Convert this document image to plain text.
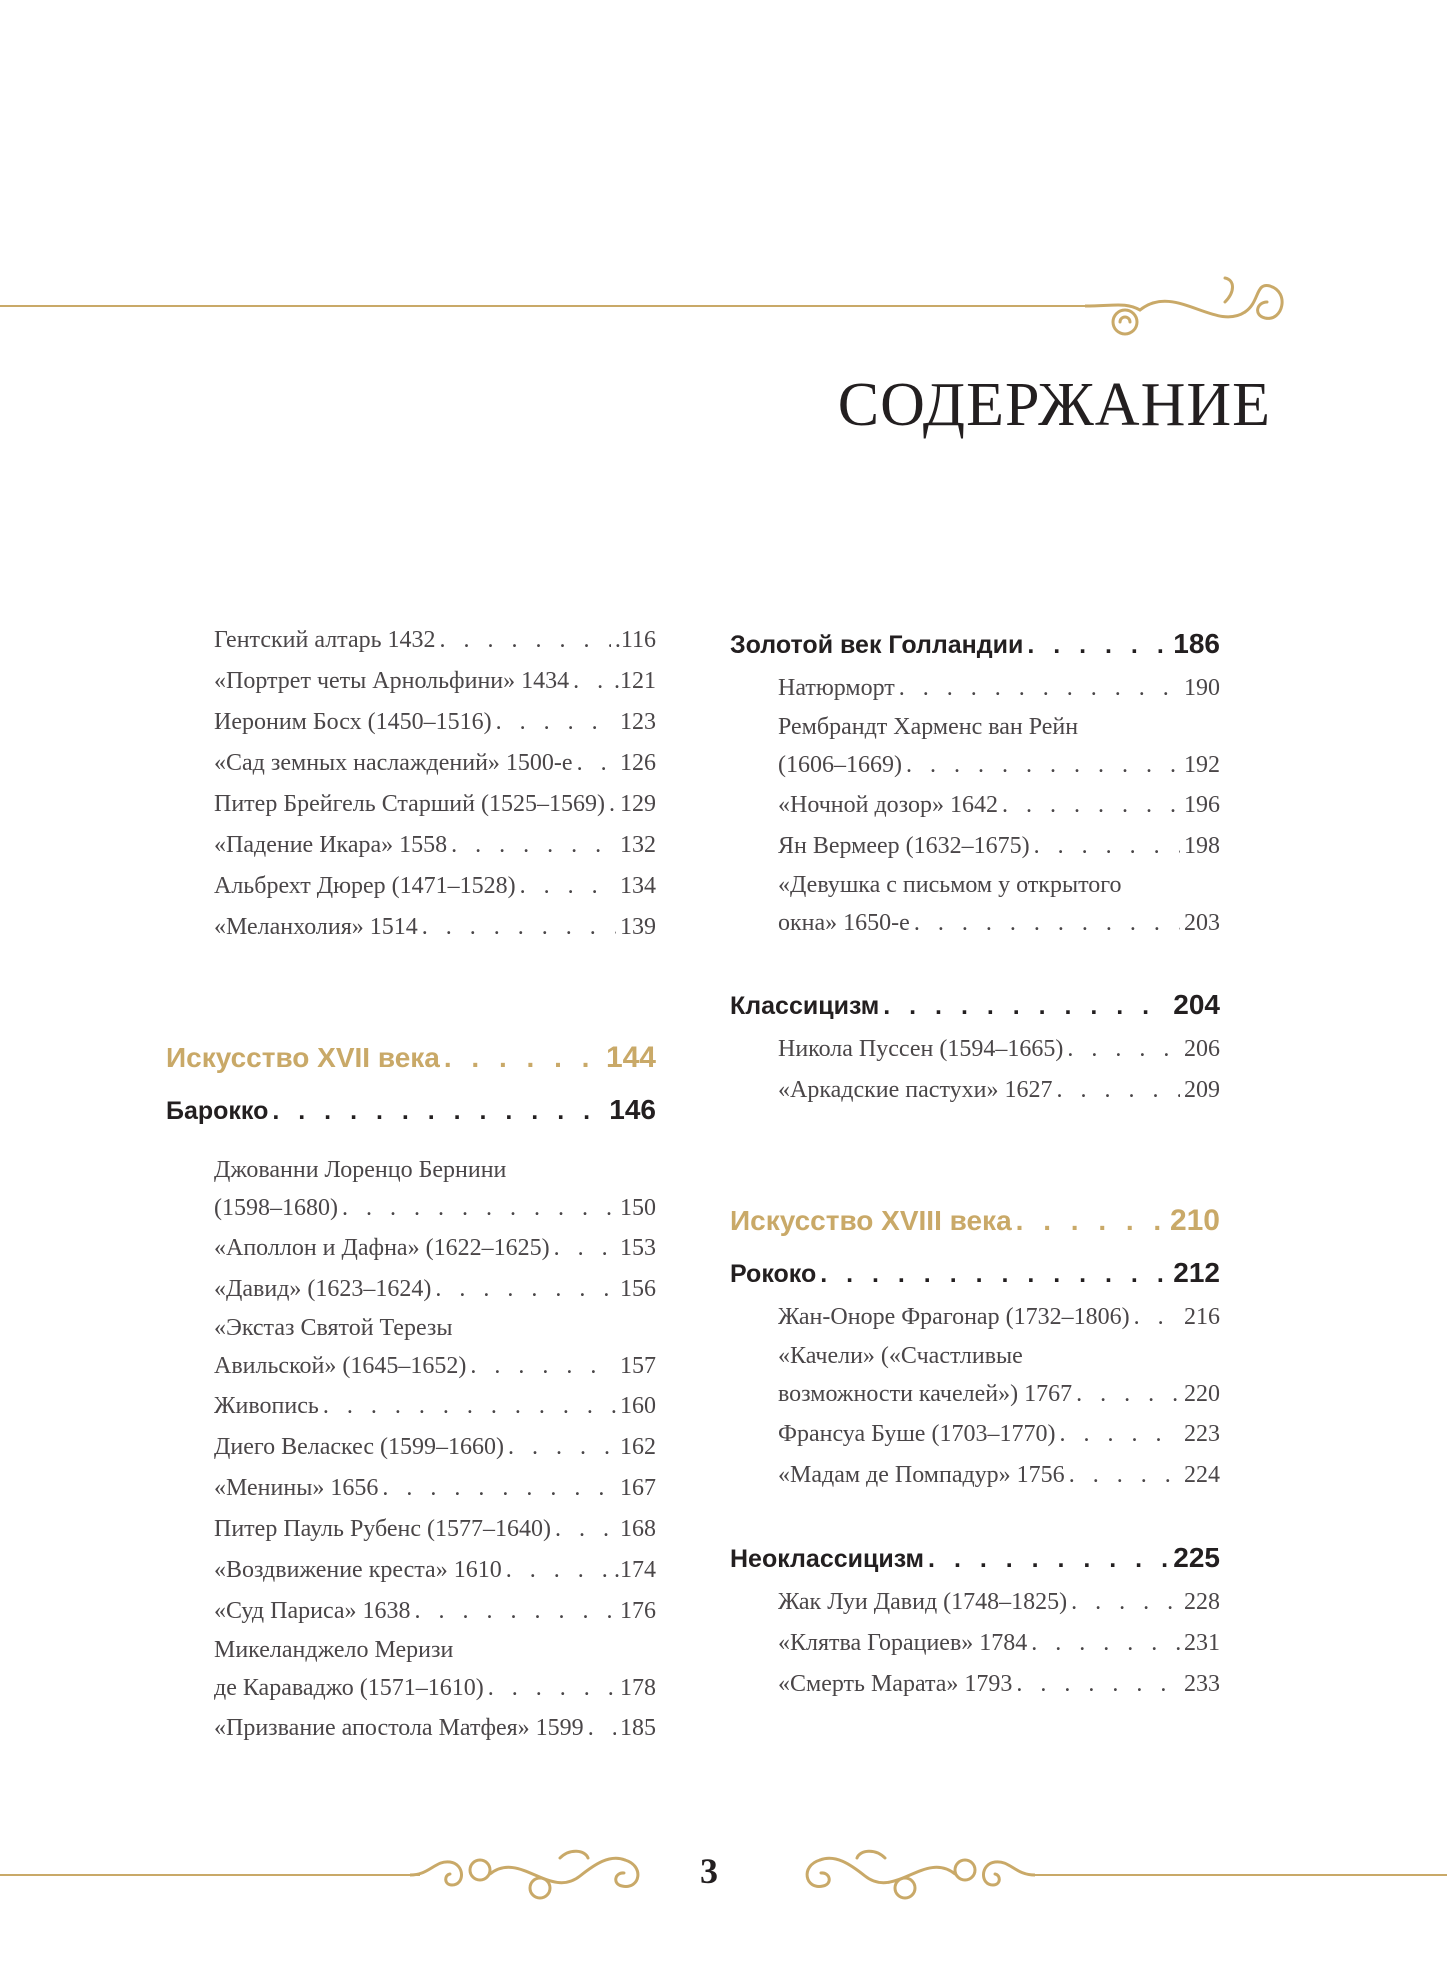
СОДЕРЖАНИЕ
Гентский алтарь 1432 . . .	.116
«Портрет четы Арнольфини» 1434 . . . .121
Иероним Босх (1450–1516) . . .	123
«Сад земных наслаждений» 1500-е . . . 126
Питер Брейгель Старший (1525–1569) . . . 129
«Падение Икара» 1558 . . .	132
Альбрехт Дюрер (1471–1528) . . .	134
«Меланхолия» 1514 . . .	139
Искусство XVII века . . .	144
Барокко . . .	146
Джованни Лоренцо Бернини
(1598–1680) . . .	150
«Аполлон и Дафна» (1622–1625) . . .	153
«Давид» (1623–1624) . . .	156
«Экстаз Святой Терезы
Авильской» (1645–1652) . . .	157
Живопись . . .	160
Диего Веласкес (1599–1660) . . .	162
«Менины» 1656 . . .	167
Питер Пауль Рубенс (1577–1640) . . .	168
«Воздвижение креста» 1610 . . .	.174
«Суд Париса» 1638 . . .	176
Микеланджело Меризи
де Караваджо (1571–1610) . . .	178
«Призвание апостола Матфея» 1599 . . . 185
Золотой век Голландии . . .	186
Натюрморт . . .	190
Рембрандт Харменс ван Рейн
(1606–1669) . . .	192
«Ночной дозор» 1642 . . .	196
Ян Вермеер (1632–1675) . . .	198
«Девушка с письмом у открытого
окна» 1650-е . . .	203
Классицизм . . .	204
Никола Пуссен (1594–1665) . . .	206
«Аркадские пастухи» 1627 . . .	209
Искусство XVIII века . . .	210
Рококо . . .	212
Жан-Оноре Фрагонар (1732–1806) . . . 216
«Качели» («Счастливые
возможности качелей») 1767 . . .	220
Франсуа Буше (1703–1770) . . .	223
«Мадам де Помпадур» 1756 . . .	224
Неоклассицизм . . .	225
Жак Луи Давид (1748–1825) . . .	228
«Клятва Горациев» 1784 . . .	231
«Смерть Марата» 1793 . . .	233
3
